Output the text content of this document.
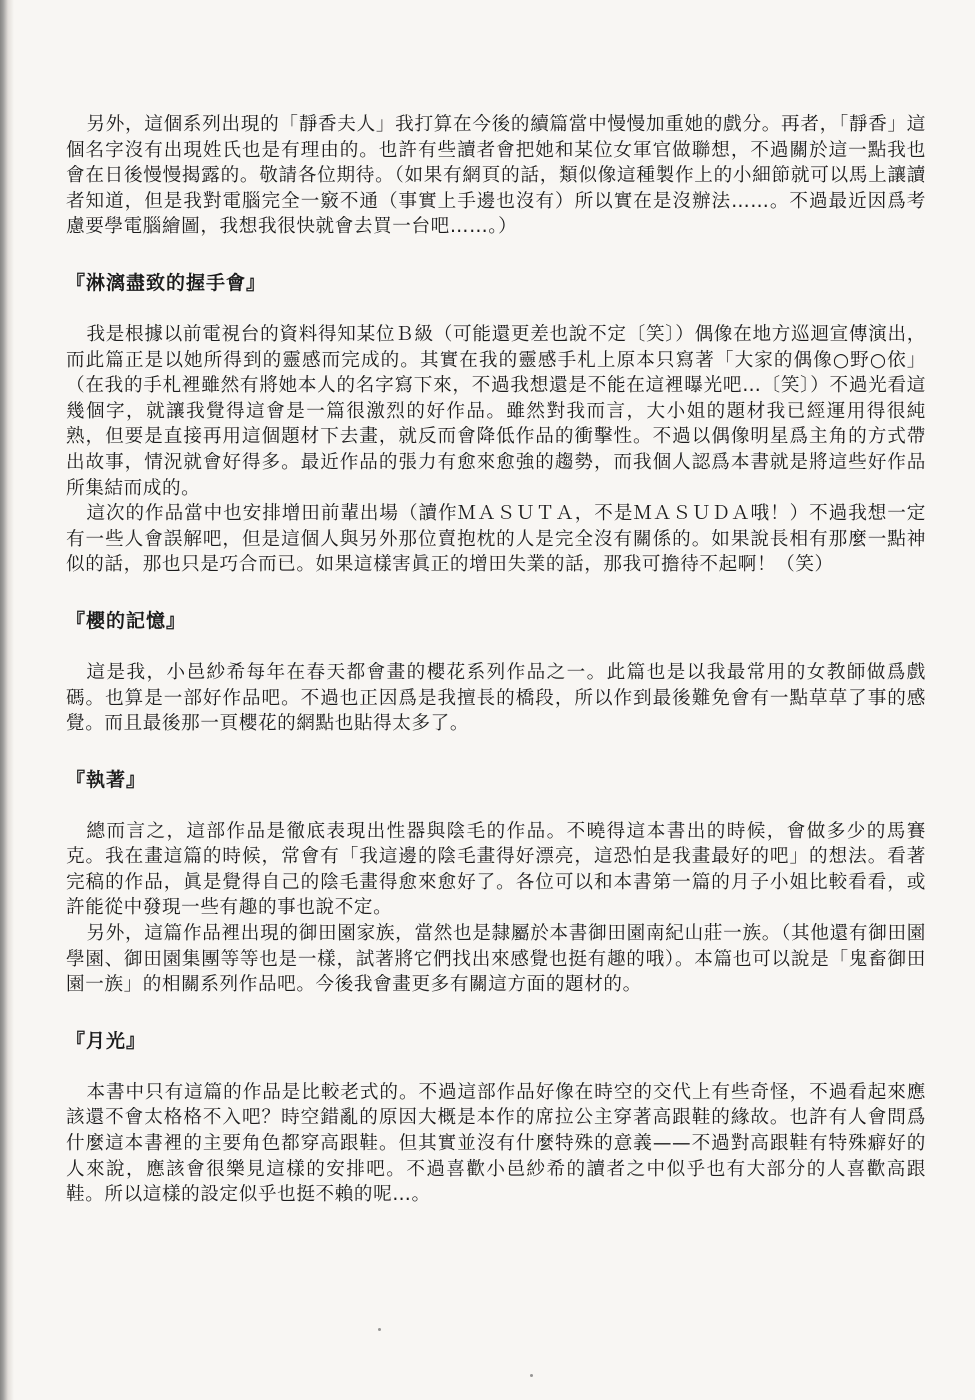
另外，這個系列出現的「靜香夫人」我打算在今後的續篇當中慢慢加重她的戲分。再者，「靜香」這個名字沒有出現姓氏也是有理由的。也許有些讀者會把她和某位女軍官做聯想，不過關於這一點我也會在日後慢慢揭露的。敬請各位期待。（如果有網頁的話，類似像這種製作上的小細節就可以馬上讓讀者知道，但是我對電腦完全一竅不通（事實上手邊也沒有）所以實在是沒辦法……。不過最近因爲考慮要學電腦繪圖，我想我很快就會去買一台吧……。）

『淋漓盡致的握手會』

我是根據以前電視台的資料得知某位Ｂ級（可能還更差也說不定〔笑〕）偶像在地方巡迴宣傳演出，而此篇正是以她所得到的靈感而完成的。其實在我的靈感手札上原本只寫著「大家的偶像○野○依」（在我的手札裡雖然有將她本人的名字寫下來，不過我想還是不能在這裡曝光吧…〔笑〕）不過光看這幾個字，就讓我覺得這會是一篇很激烈的好作品。雖然對我而言，大小姐的題材我已經運用得很純熟，但要是直接再用這個題材下去畫，就反而會降低作品的衝擊性。不過以偶像明星爲主角的方式帶出故事，情況就會好得多。最近作品的張力有愈來愈強的趨勢，而我個人認爲本書就是將這些好作品所集結而成的。

這次的作品當中也安排增田前輩出場（讀作ＭＡＳＵＴＡ，不是ＭＡＳＵＤＡ哦！）不過我想一定有一些人會誤解吧，但是這個人與另外那位賣抱枕的人是完全沒有關係的。如果說長相有那麼一點神似的話，那也只是巧合而已。如果這樣害眞正的增田失業的話，那我可擔待不起啊！（笑）

『櫻的記憶』

這是我，小邑紗希每年在春天都會畫的櫻花系列作品之一。此篇也是以我最常用的女教師做爲戲碼。也算是一部好作品吧。不過也正因爲是我擅長的橋段，所以作到最後難免會有一點草草了事的感覺。而且最後那一頁櫻花的網點也貼得太多了。

『執著』

總而言之，這部作品是徹底表現出性器與陰毛的作品。不曉得這本書出的時候，會做多少的馬賽克。我在畫這篇的時候，常會有「我這邊的陰毛畫得好漂亮，這恐怕是我畫最好的吧」的想法。看著完稿的作品，眞是覺得自己的陰毛畫得愈來愈好了。各位可以和本書第一篇的月子小姐比較看看，或許能從中發現一些有趣的事也說不定。

另外，這篇作品裡出現的御田園家族，當然也是隸屬於本書御田園南紀山莊一族。（其他還有御田園學園、御田園集團等等也是一樣，試著將它們找出來感覺也挺有趣的哦）。本篇也可以說是「鬼畜御田園一族」的相關系列作品吧。今後我會畫更多有關這方面的題材的。

『月光』

本書中只有這篇的作品是比較老式的。不過這部作品好像在時空的交代上有些奇怪，不過看起來應該還不會太格格不入吧？時空錯亂的原因大概是本作的席拉公主穿著高跟鞋的緣故。也許有人會問爲什麼這本書裡的主要角色都穿高跟鞋。但其實並沒有什麼特殊的意義——不過對高跟鞋有特殊癖好的人來說，應該會很樂見這樣的安排吧。不過喜歡小邑紗希的讀者之中似乎也有大部分的人喜歡高跟鞋。所以這樣的設定似乎也挺不賴的呢…。
